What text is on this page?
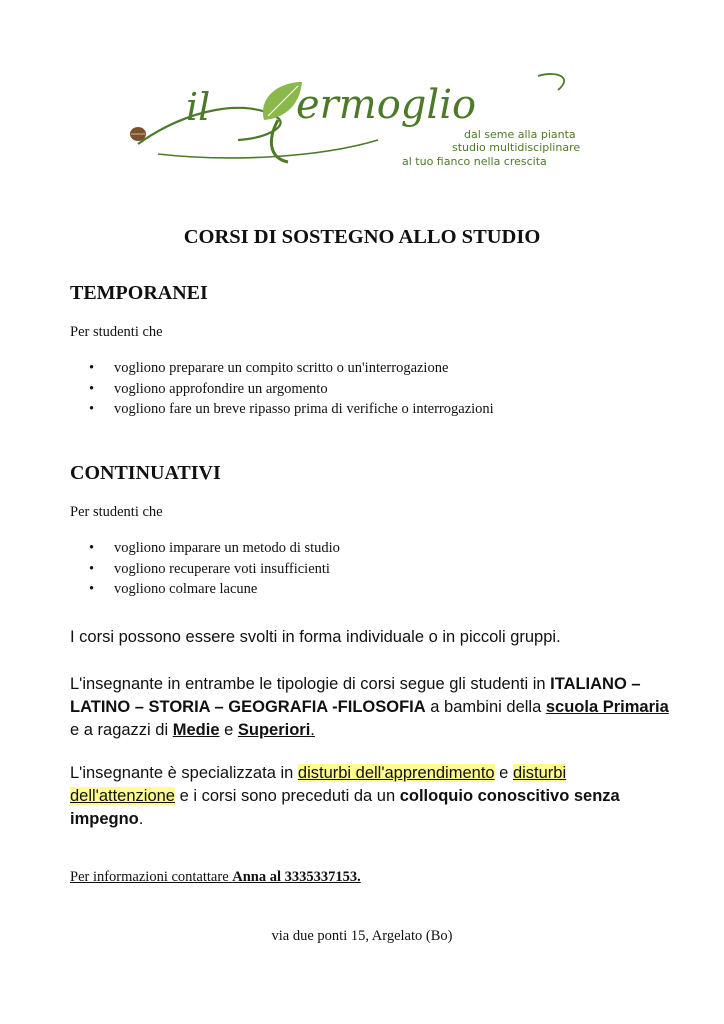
il ermoglio
dal seme alla pianta
studio multidisciplinare
al tuo fianco nella crescita
CORSI DI SOSTEGNO ALLO STUDIO
TEMPORANEI

Per studenti che

• vogliono preparare un compito scritto o un'interrogazione
• vogliono approfondire un argomento
• vogliono fare un breve ripasso prima di verifiche o interrogazioni
CONTINUATIVI

Per studenti che

• vogliono imparare un metodo di studio
• vogliono recuperare voti insufficienti
• vogliono colmare lacune

I corsi possono essere svolti in forma individuale o in piccoli gruppi.

L'insegnante in entrambe le tipologie di corsi segue gli studenti in ITALIANO – LATINO – STORIA – GEOGRAFIA -FILOSOFIA a bambini della scuola Primaria e a ragazzi di Medie e Superiori.

L'insegnante è specializzata in disturbi dell'apprendimento e disturbi dell'attenzione e i corsi sono preceduti da un colloquio conoscitivo senza impegno.

Per informazioni contattare Anna al 3335337153.

via due ponti 15, Argelato (Bo)
